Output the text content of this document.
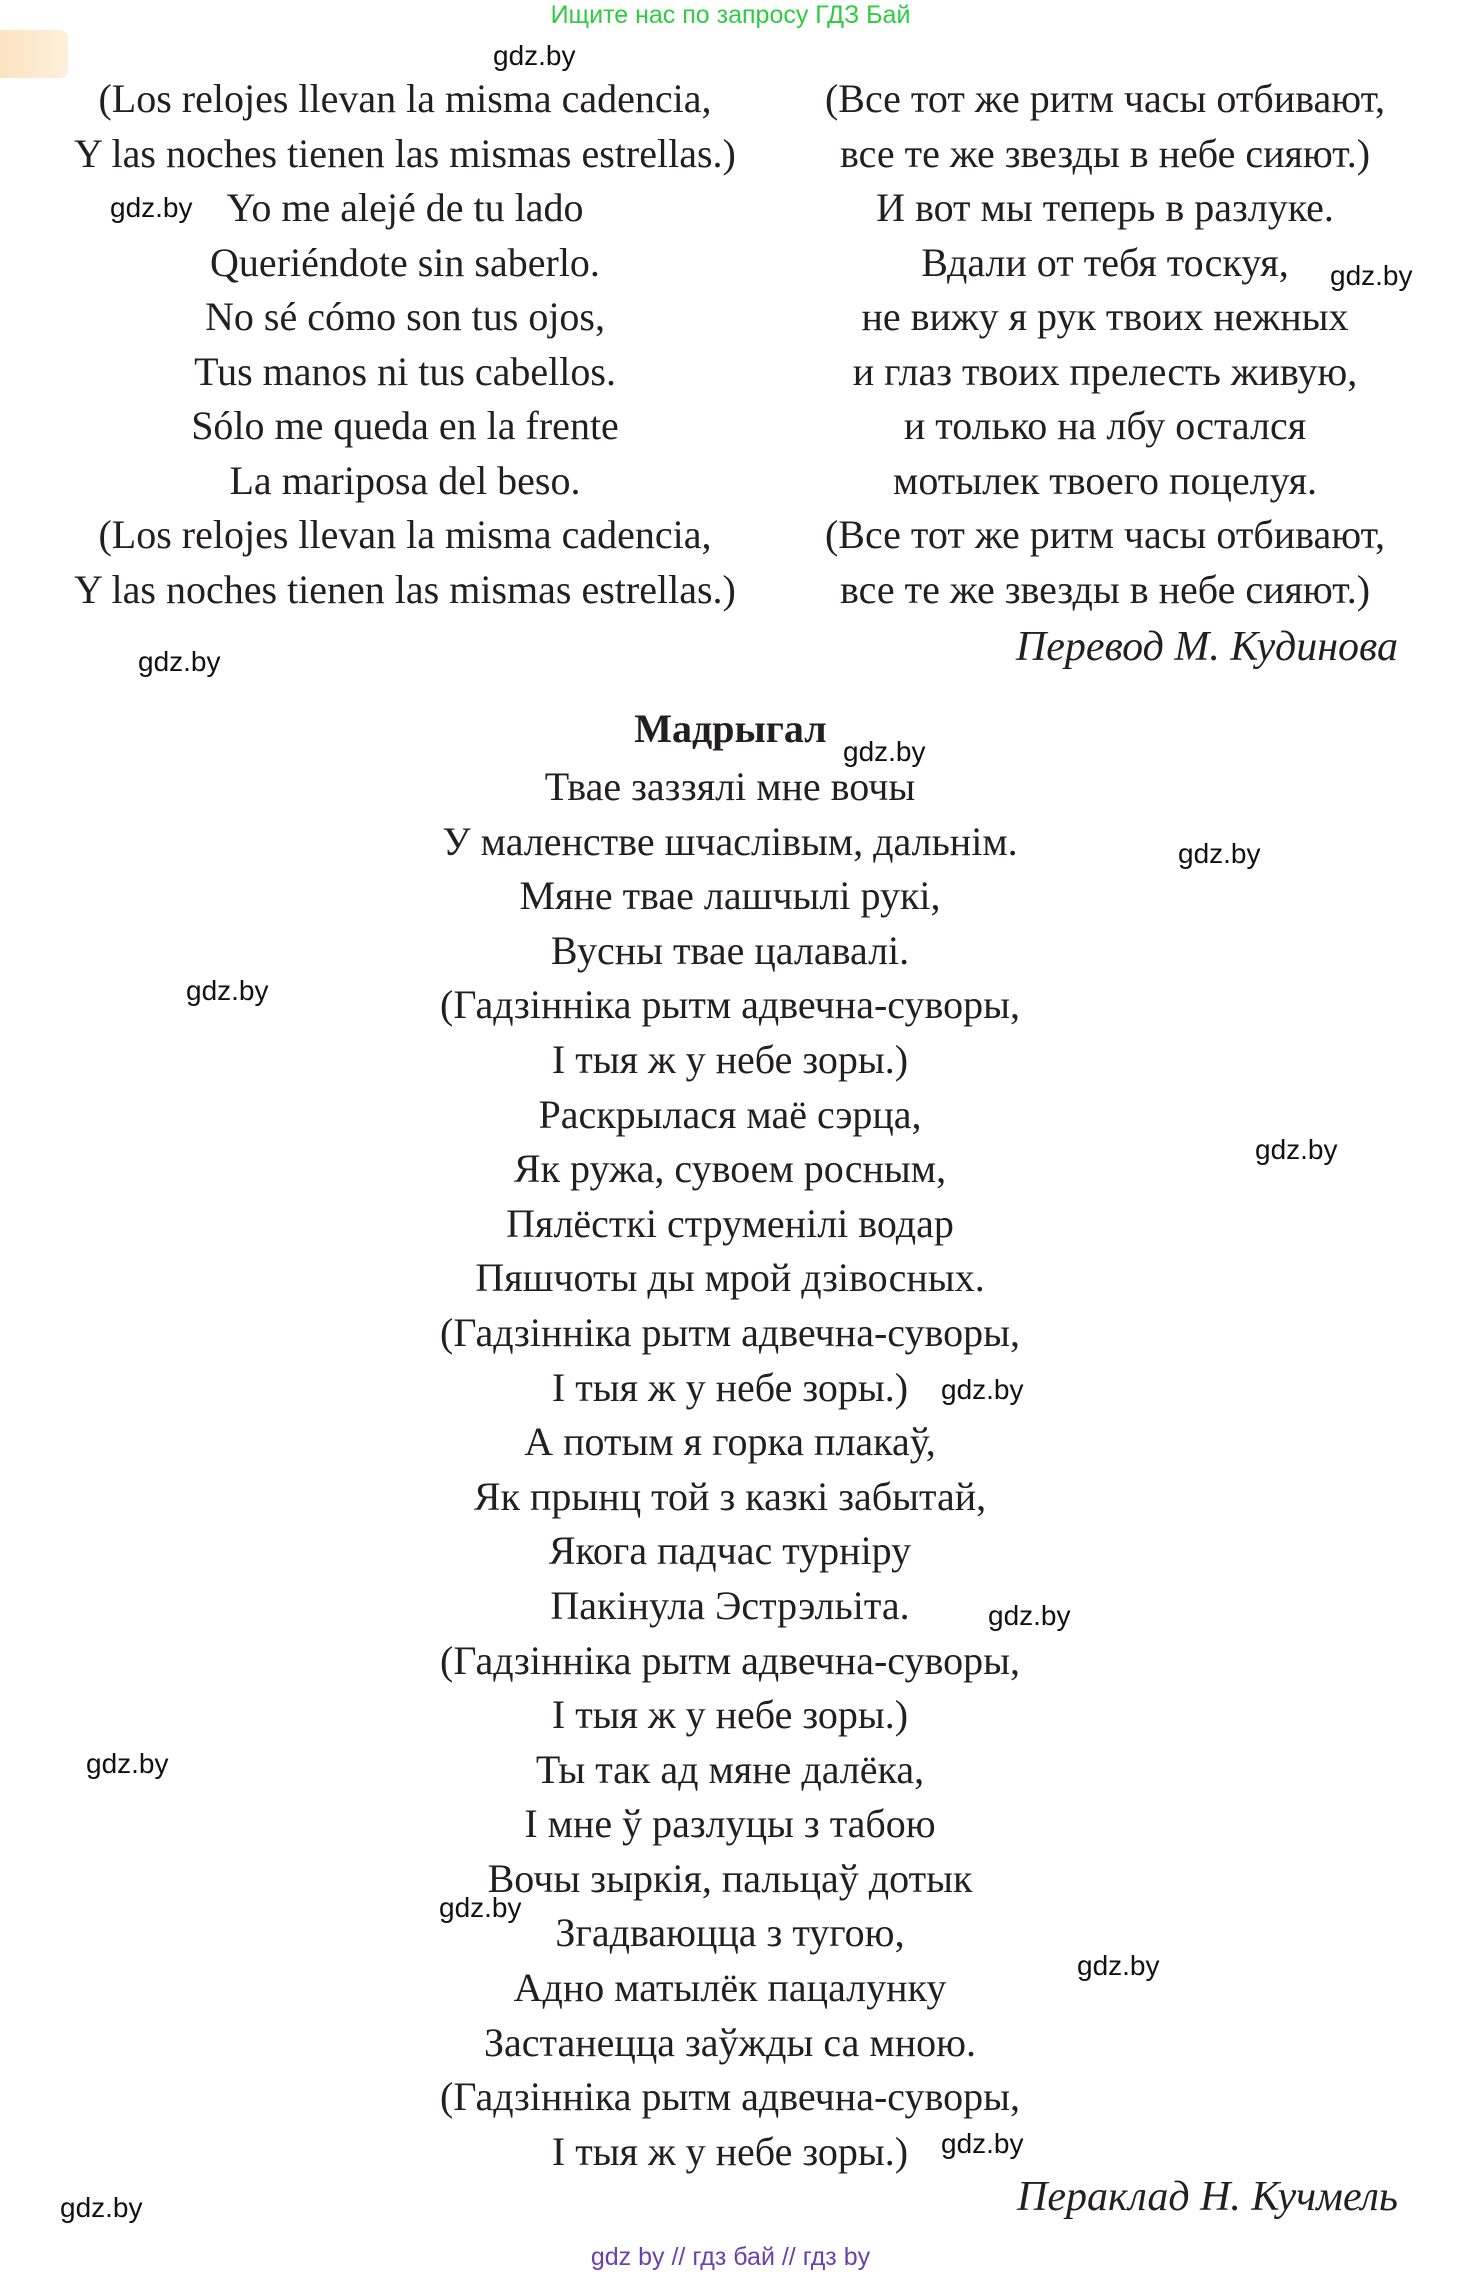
Ищите нас по запросу ГДЗ Бай
(Los relojes llevan la misma cadencia,
Y las noches tienen las mismas estrellas.)
Yo me alejé de tu lado
Queriéndote sin saberlo.
No sé cómo son tus ojos,
Tus manos ni tus cabellos.
Sólo me queda en la frente
La mariposa del beso.
(Los relojes llevan la misma cadencia,
Y las noches tienen las mismas estrellas.)
(Все тот же ритм часы отбивают,
все те же звезды в небе сияют.)
И вот мы теперь в разлуке.
Вдали от тебя тоскуя,
не вижу я рук твоих нежных
и глаз твоих прелесть живую,
и только на лбу остался
мотылек твоего поцелуя.
(Все тот же ритм часы отбивают,
все те же звезды в небе сияют.)
Перевод М. Кудинова
Мадрыгал
Тваe заззялі мне вочы
У маленстве шчаслівым, дальнім.
Мяне твае лашчылі рукі,
Вусны твае цалавалі.
(Гадзінніка рытм адвечна-суворы,
І тыя ж у небе зоры.)
Раскрылася маё сэрца,
Як ружа, сувоем росным,
Пялёсткі струменілі водар
Пяшчоты ды мрой дзівосных.
(Гадзінніка рытм адвечна-суворы,
І тыя ж у небе зоры.)
А потым я горка плакаў,
Як прынц той з казкі забытай,
Якога падчас турніру
Пакінула Эстрэльіта.
(Гадзінніка рытм адвечна-суворы,
І тыя ж у небе зоры.)
Ты так ад мяне далёка,
І мне ў разлуцы з табою
Вочы зыркія, пальцаў дотык
Згадваюцца з тугою,
Адно матылёк пацалунку
Застанецца заўжды са мною.
(Гадзінніка рытм адвечна-суворы,
І тыя ж у небе зоры.)
Пераклад Н. Кучмель
gdz.by
gdz.by
gdz.by
gdz.by
gdz.by
gdz.by
gdz.by
gdz.by
gdz.by
gdz.by
gdz.by
gdz.by
gdz.by
gdz.by
gdz.by
gdz by // гдз бай // гдз by
